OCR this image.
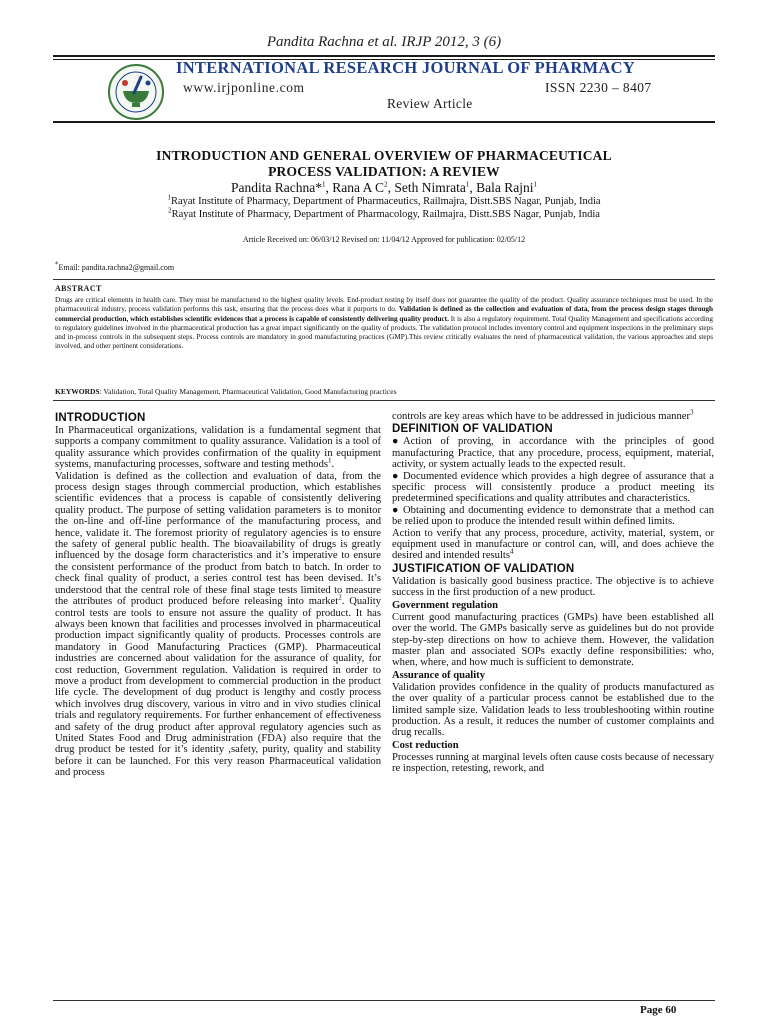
Pandita Rachna et al. IRJP 2012, 3 (6)
INTERNATIONAL RESEARCH JOURNAL OF PHARMACY
www.irjponline.com	ISSN 2230 – 8407
Review Article
INTRODUCTION AND GENERAL OVERVIEW OF PHARMACEUTICAL
PROCESS VALIDATION: A REVIEW
Pandita Rachna*$^1$, Rana A $C^2$, Seth Nimrata$^1$, Bala Rajni$^1$
$^1$Rayat Institute of Pharmacy, Department of Pharmaceutics, Railmajra, Distt.SBS Nagar, Punjab, India
$^2$Rayat Institute of Pharmacy, Department of Pharmacology, Railmajra, Distt.SBS Nagar, Punjab, India
Article Received on: 06/03/12 Revised on: 11/04/12 Approved for publication: 02/05/12
*Email: pandita.rachna2@gmail.com
ABSTRACT
Drugs are critical elements in health care. They must be manufactured to the highest quality levels. End-product testing by itself does not guarantee the quality of the product. Quality assurance techniques must be used. In the pharmaceutical industry, process validation performs this task, ensuring that the process does what it purports to do. Validation is defined as the collection and evaluation of data, from the process design stages through commercial production, which establishes scientific evidences that a process is capable of consistently delivering quality product. It is also a regulatory requirement. Total Quality Management and specifications according to regulatory guidelines involved in the pharmaceutical production has a great impact significantly on the quality of products. The validation protocol includes inventory control and equipment inspections in the preliminary steps and in-process controls in the subsequent steps. Process controls are mandatory in good manufacturing practices (GMP).This review critically evaluates the need of pharmaceutical validation, the various approaches and steps involved, and other pertinent considerations.
KEYWORDS: Validation, Total Quality Management, Pharmaceutical Validation, Good Manufacturing practices
INTRODUCTION

In Pharmaceutical organizations, validation is a fundamental segment that supports a company commitment to quality assurance. Validation is a tool of quality assurance which provides confirmation of the quality in equipment systems, manufacturing processes, software and testing methods$^1$.

Validation is defined as the collection and evaluation of data, from the process design stages through commercial production, which establishes scientific evidences that a process is capable of consistently delivering quality product. The purpose of setting validation parameters is to monitor the on-line and off-line performance of the manufacturing process, and hence, validate it. The foremost priority of regulatory agencies is to ensure the safety of general public health. The bioavailability of drugs is greatly influenced by the dosage form characteristics and it’s imperative to ensure the consistent performance of the product from batch to batch. In order to check final quality of product, a series control test has been devised. It’s understood that the central role of these final stage tests limited to measure the attributes of product produced before releasing into market$^2$. Quality control tests are tools to ensure not assure the quality of product. It has always been known that facilities and processes involved in pharmaceutical production impact significantly quality of products. Processes controls are mandatory in Good Manufacturing Practices (GMP). Pharmaceutical industries are concerned about validation for the assurance of quality, for cost reduction, Government regulation. Validation is required in order to move a product from development to commercial production in the product life cycle. The development of dug product is lengthy and costly process which involves drug discovery, various in vitro and in vivo studies clinical trials and regulatory requirements. For further enhancement of effectiveness and safety of the drug product after approval regulatory agencies such as United States Food and Drug administration (FDA) also require that the drug product be tested for it’s identity ,safety, purity, quality and stability before it can be launched. For this very reason Pharmaceutical validation and process

controls are key areas which have to be addressed in judicious manner$^3$

DEFINITION OF VALIDATION

● Action of proving, in accordance with the principles of good manufacturing Practice, that any procedure, process, equipment, material, activity, or system actually leads to the expected result.

● Documented evidence which provides a high degree of assurance that a specific process will consistently produce a product meeting its predetermined specifications and quality attributes and characteristics.

● Obtaining and documenting evidence to demonstrate that a method can be relied upon to produce the intended result within defined limits.

Action to verify that any process, procedure, activity, material, system, or equipment used in manufacture or control can, will, and does achieve the desired and intended results$^4$

JUSTIFICATION OF VALIDATION

Validation is basically good business practice. The objective is to achieve success in the first production of a new product.

Government regulation

Current good manufacturing practices (GMPs) have been established all over the world. The GMPs basically serve as guidelines but do not provide step-by-step directions on how to achieve them. However, the validation master plan and associated SOPs exactly define responsibilities: who, when, where, and how much is sufficient to demonstrate.

Assurance of quality

Validation provides confidence in the quality of products manufactured as the over quality of a particular process cannot be established due to the limited sample size. Validation leads to less troubleshooting within routine production. As a result, it reduces the number of customer complaints and drug recalls.

Cost reduction

Processes running at marginal levels often cause costs because of necessary re inspection, retesting, rework, and

Page 60
